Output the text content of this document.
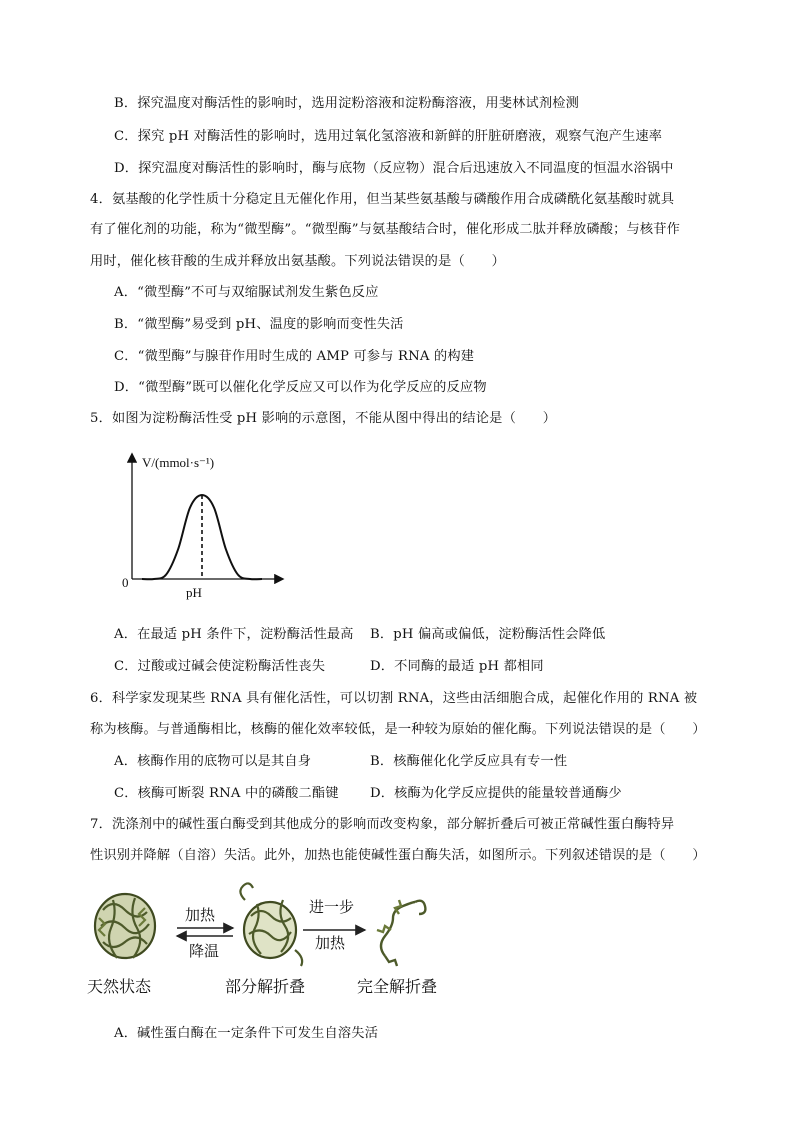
B．探究温度对酶活性的影响时，选用淀粉溶液和淀粉酶溶液，用斐林试剂检测
C．探究 pH 对酶活性的影响时，选用过氧化氢溶液和新鲜的肝脏研磨液，观察气泡产生速率
D．探究温度对酶活性的影响时，酶与底物（反应物）混合后迅速放入不同温度的恒温水浴锅中
4．氨基酸的化学性质十分稳定且无催化作用，但当某些氨基酸与磷酸作用合成磷酰化氨基酸时就具
有了催化剂的功能，称为“微型酶”。“微型酶”与氨基酸结合时，催化形成二肽并释放磷酸；与核苷作
用时，催化核苷酸的生成并释放出氨基酸。下列说法错误的是（　　）
A．“微型酶”不可与双缩脲试剂发生紫色反应
B．“微型酶”易受到 pH、温度的影响而变性失活
C．“微型酶”与腺苷作用时生成的 AMP 可参与 RNA 的构建
D．“微型酶”既可以催化化学反应又可以作为化学反应的反应物
5．如图为淀粉酶活性受 pH 影响的示意图，不能从图中得出的结论是（　　）
V/(mmol·s⁻¹)
0
pH
A．在最适 pH 条件下，淀粉酶活性最高 B．pH 偏高或偏低，淀粉酶活性会降低
C．过酸或过碱会使淀粉酶活性丧失	D．不同酶的最适 pH 都相同
6．科学家发现某些 RNA 具有催化活性，可以切割 RNA，这些由活细胞合成，起催化作用的 RNA 被
称为核酶。与普通酶相比，核酶的催化效率较低，是一种较为原始的催化酶。下列说法错误的是（　　）
A．核酶作用的底物可以是其自身	B．核酶催化化学反应具有专一性
C．核酶可断裂 RNA 中的磷酸二酯键 D．核酶为化学反应提供的能量较普通酶少
7．洗涤剂中的碱性蛋白酶受到其他成分的影响而改变构象，部分解折叠后可被正常碱性蛋白酶特异
性识别并降解（自溶）失活。此外，加热也能使碱性蛋白酶失活，如图所示。下列叙述错误的是（　　）
加热
降温
进一步
加热
天然状态	部分解折叠	完全解折叠
A．碱性蛋白酶在一定条件下可发生自溶失活
